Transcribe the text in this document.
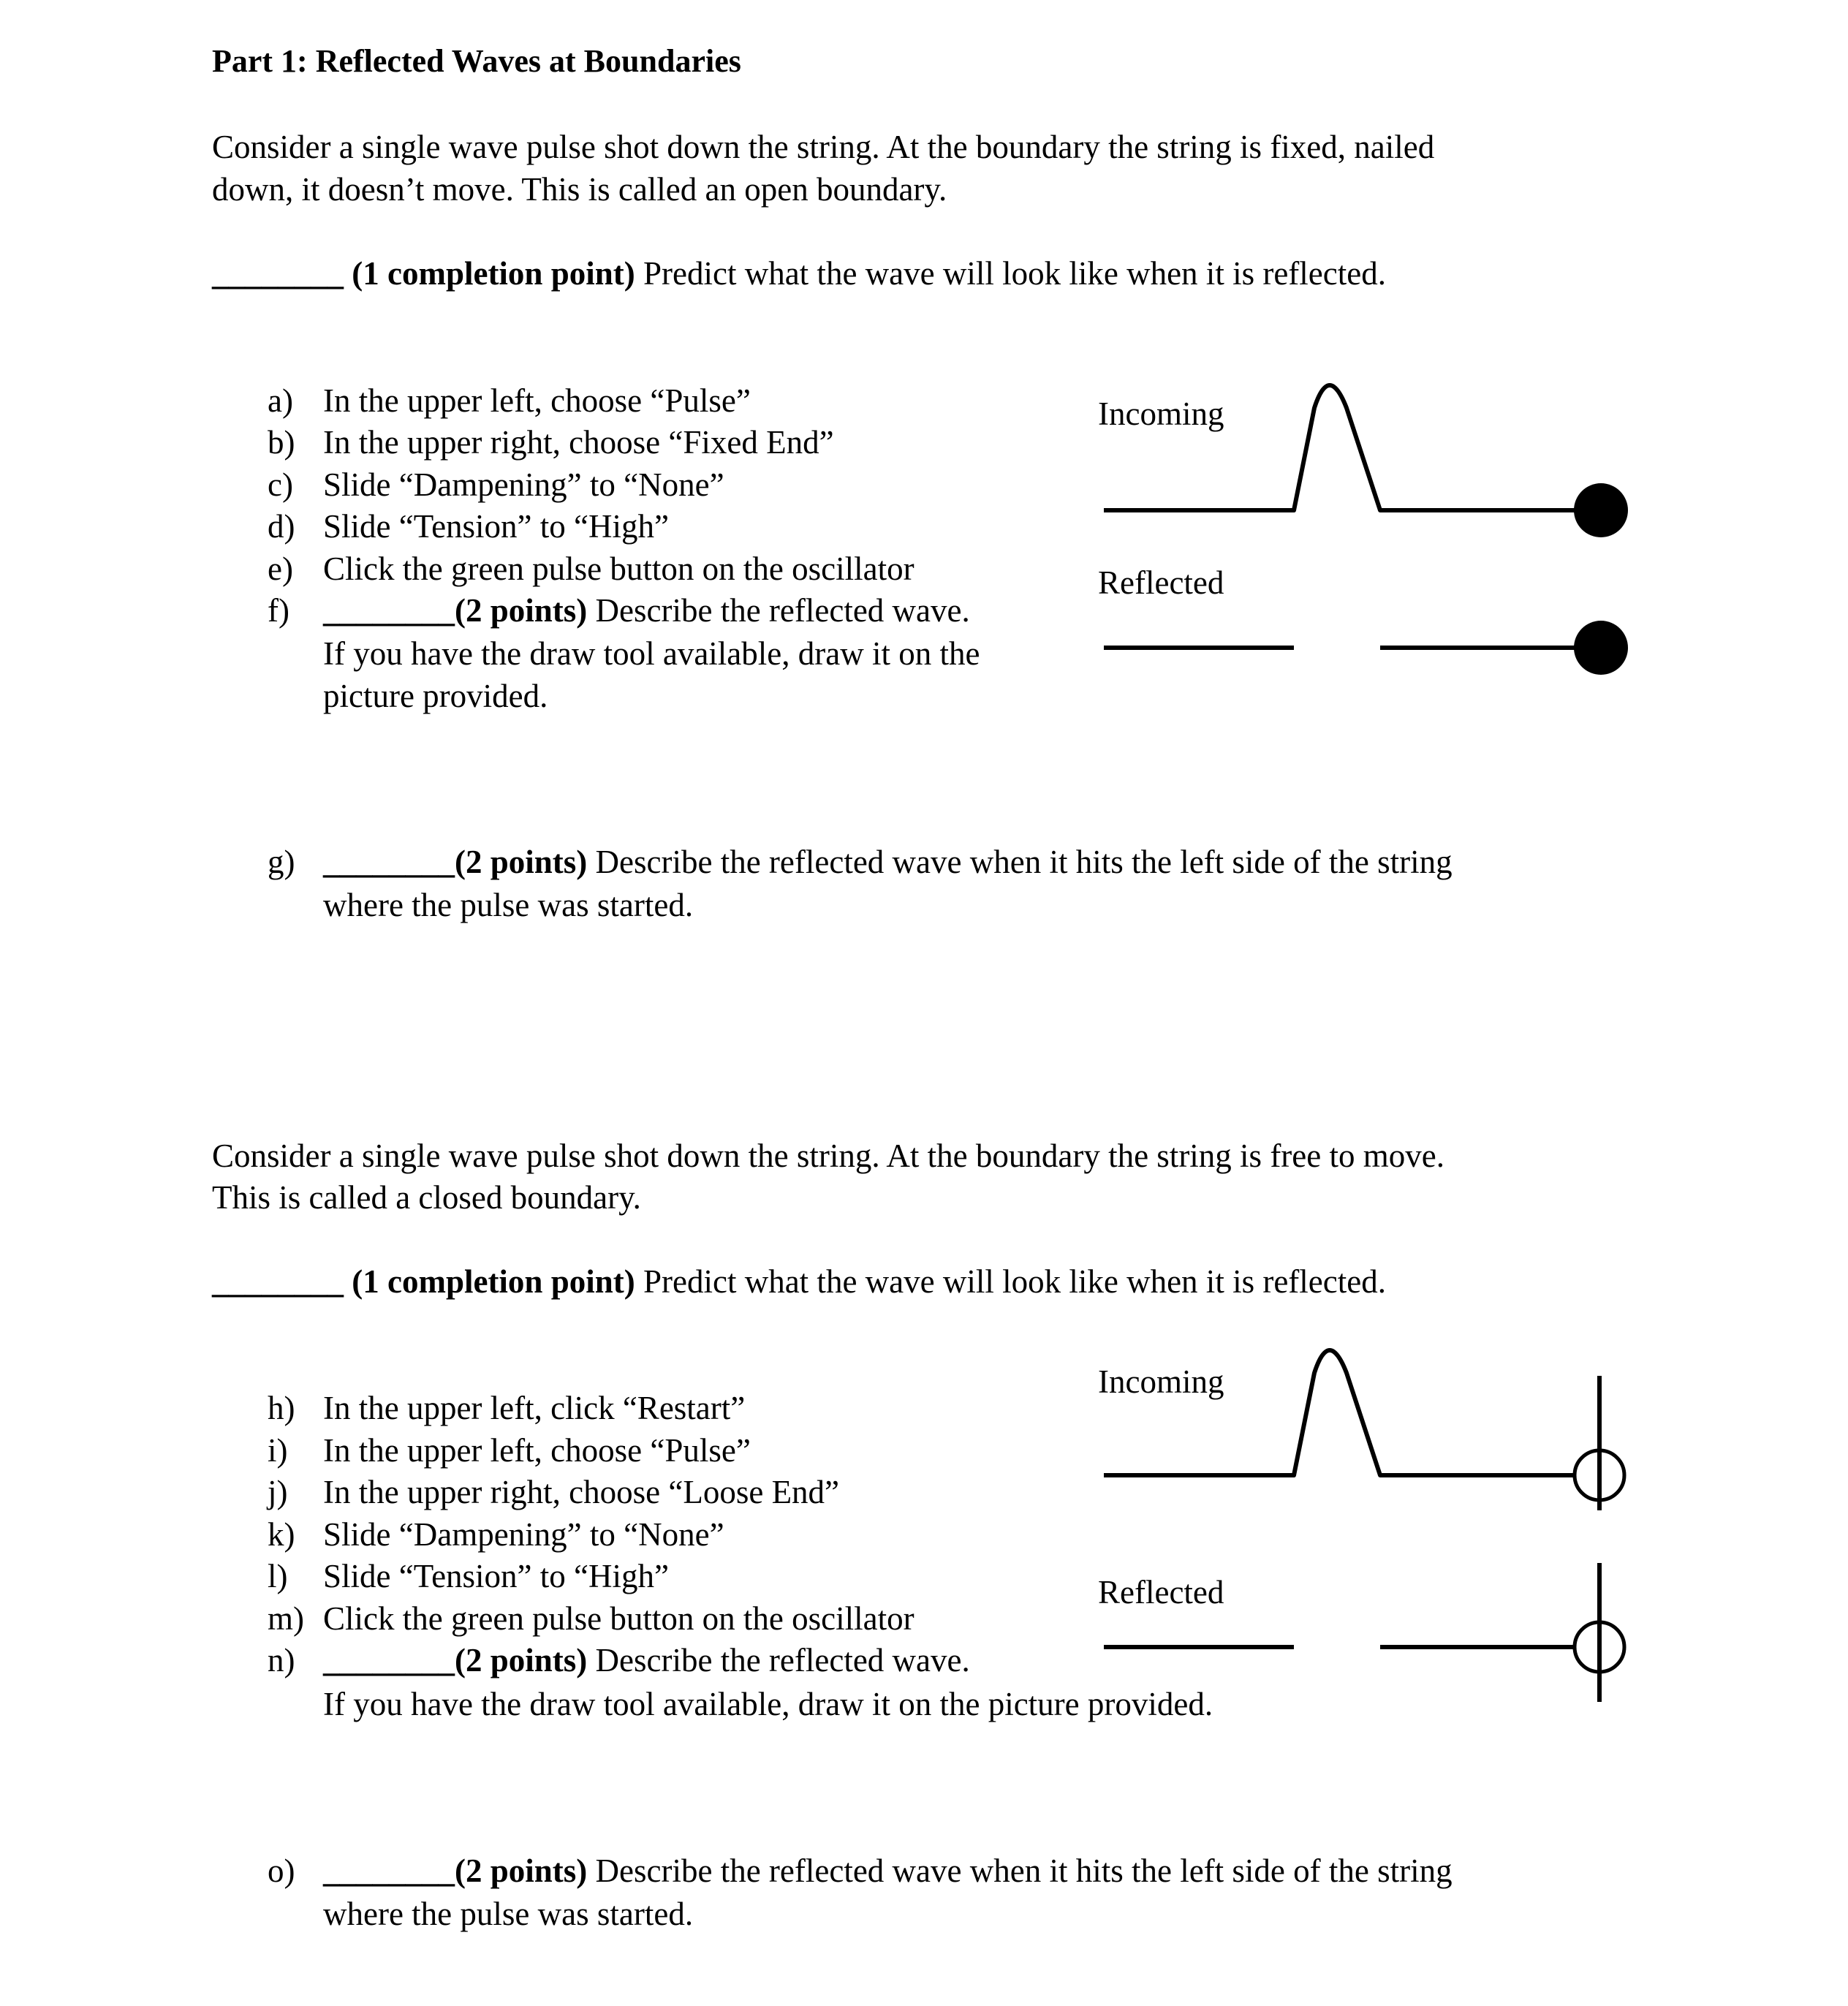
Part 1: Reflected Waves at Boundaries
Consider a single wave pulse shot down the string. At the boundary the string is fixed, nailed
down, it doesn’t move. This is called an open boundary.
________ (1 completion point) Predict what the wave will look like when it is reflected.
a) In the upper left, choose “Pulse”
b) In the upper right, choose “Fixed End”
c) Slide “Dampening” to “None”
d) Slide “Tension” to “High”
e) Click the green pulse button on the oscillator
f) ________(2 points) Describe the reflected wave.
If you have the draw tool available, draw it on the
picture provided.
g) ________(2 points) Describe the reflected wave when it hits the left side of the string
where the pulse was started.
Incoming
Reflected
Consider a single wave pulse shot down the string. At the boundary the string is free to move.
This is called a closed boundary.
________ (1 completion point) Predict what the wave will look like when it is reflected.
h) In the upper left, click “Restart”
i) In the upper left, choose “Pulse”
j) In the upper right, choose “Loose End”
k) Slide “Dampening” to “None”
l) Slide “Tension” to “High”
m) Click the green pulse button on the oscillator
n) ________(2 points) Describe the reflected wave.
If you have the draw tool available, draw it on the picture provided.
o) ________(2 points) Describe the reflected wave when it hits the left side of the string
where the pulse was started.
Incoming
Reflected
